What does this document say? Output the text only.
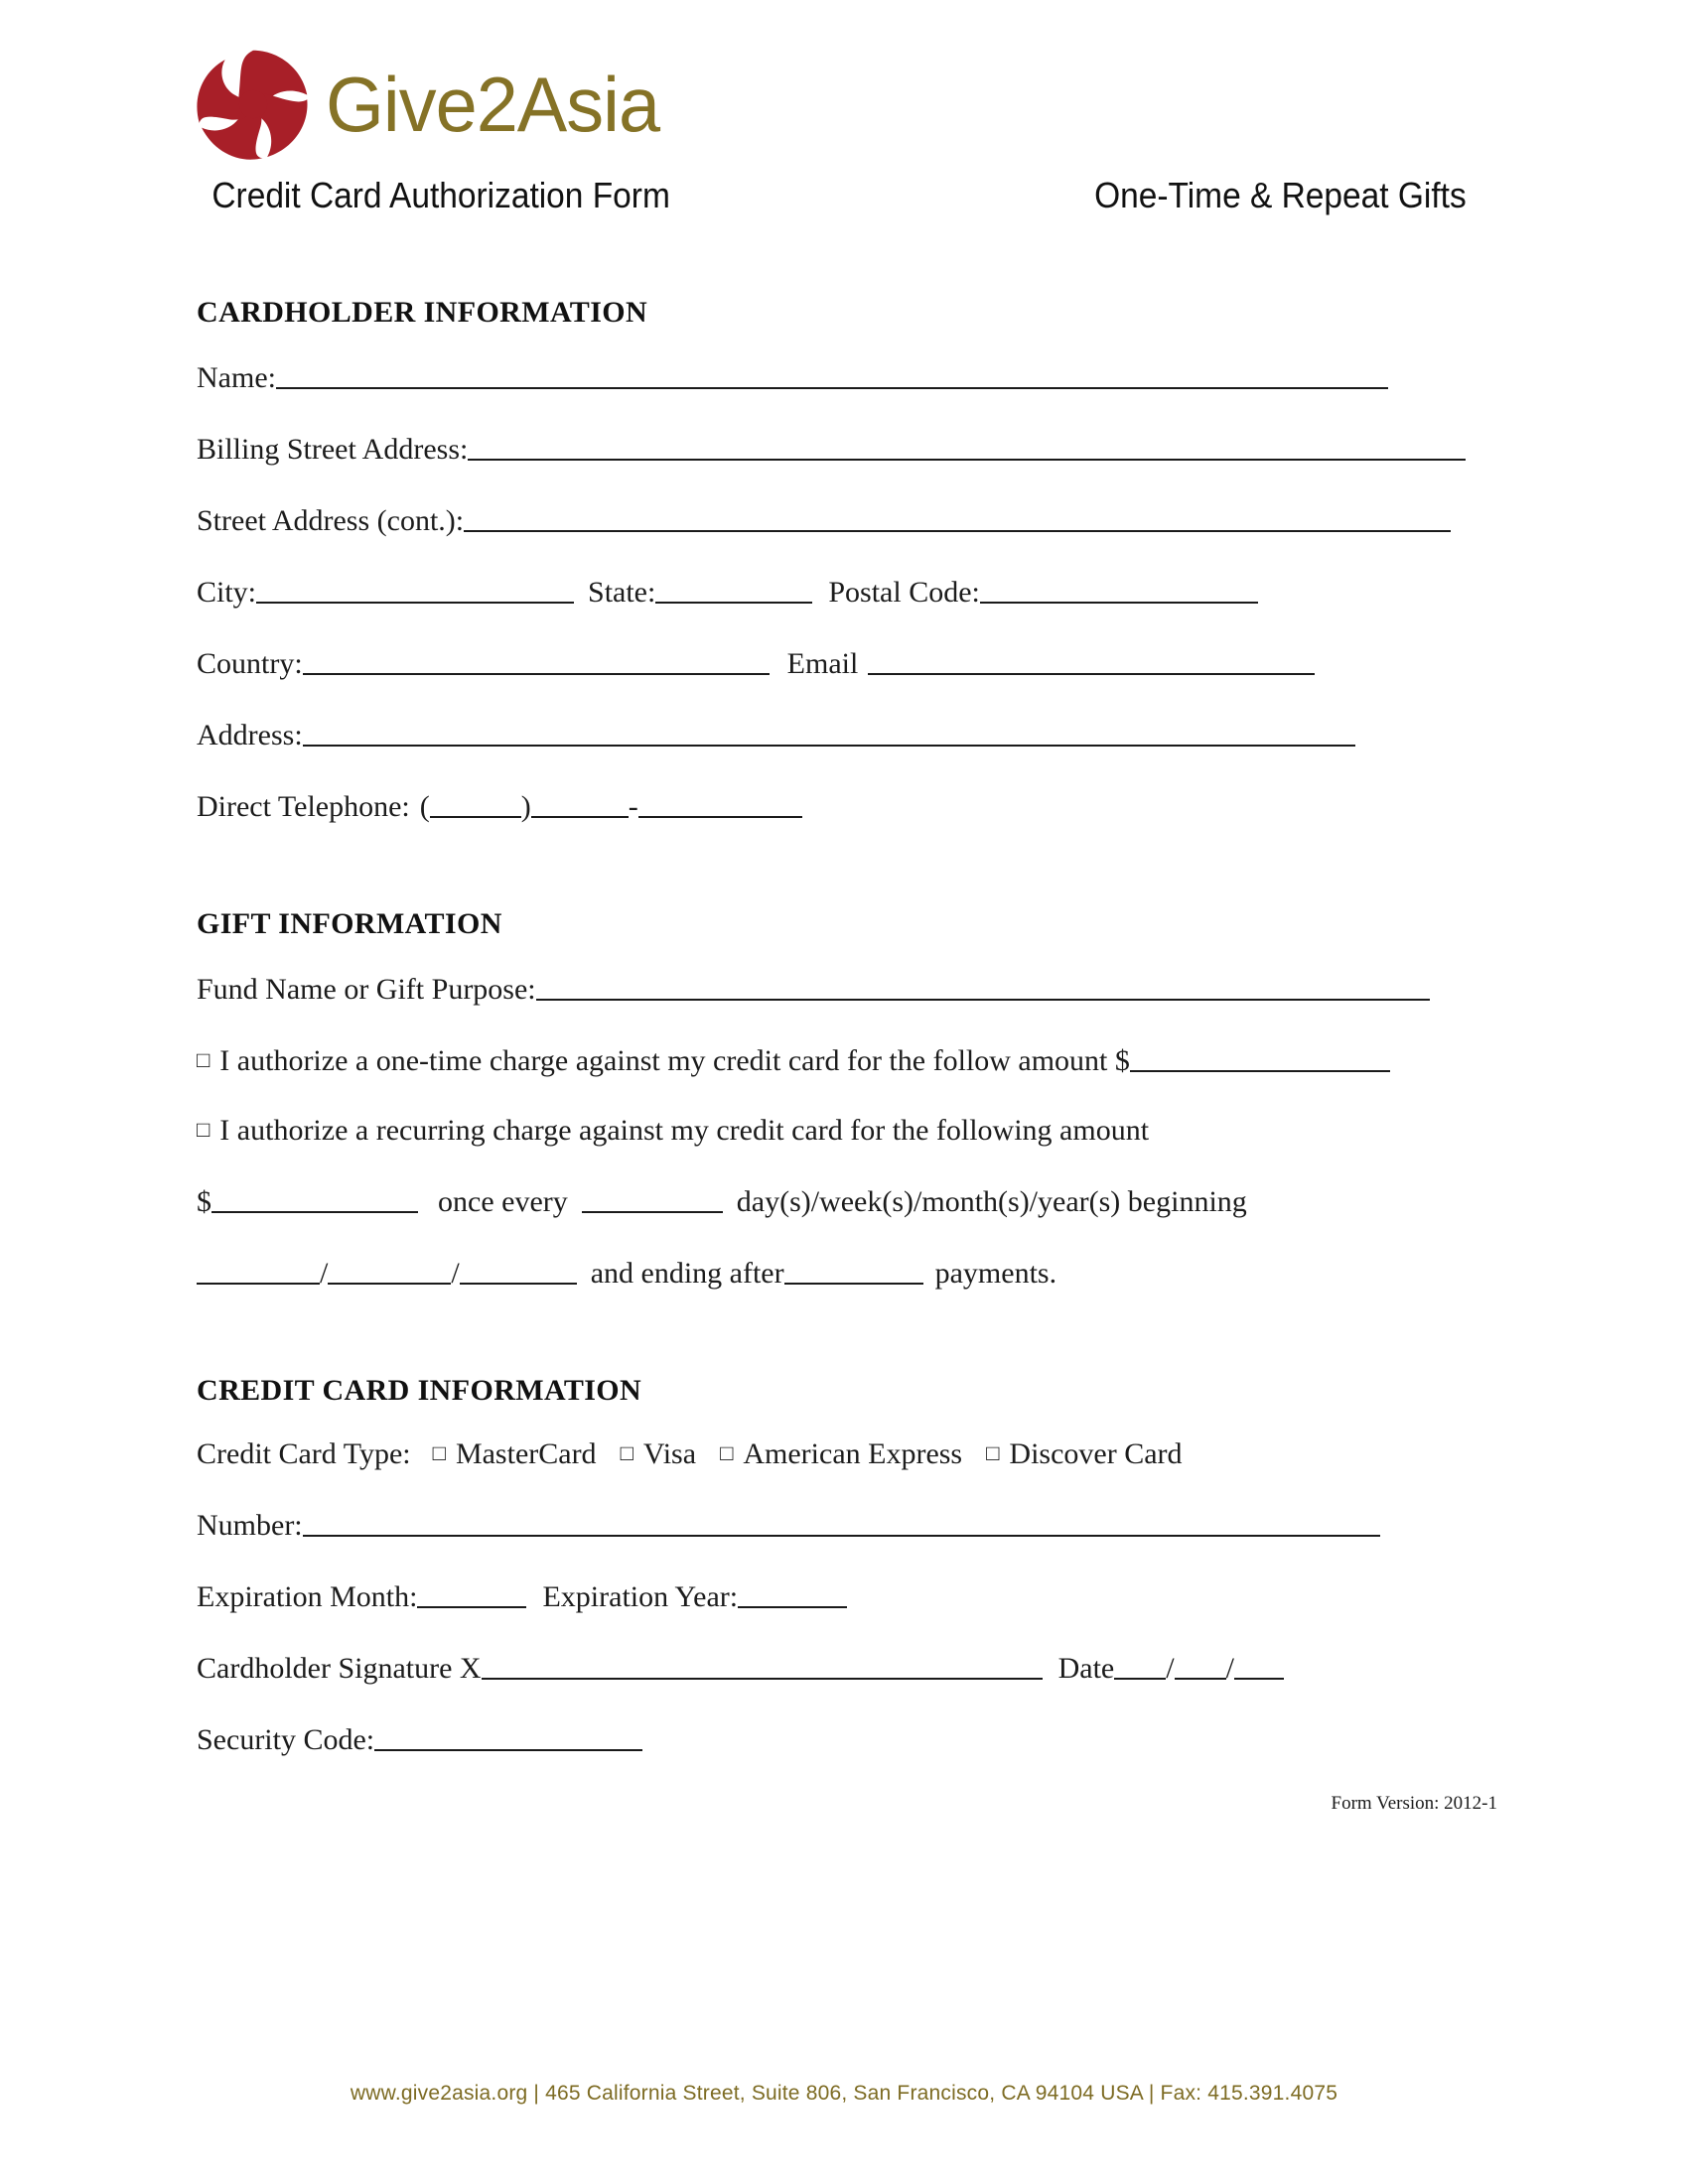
Give2Asia
Credit Card Authorization Form	One-Time & Repeat Gifts
CARDHOLDER INFORMATION
Name:
Billing Street Address:
Street Address (cont.):
City:	State:	Postal Code:
Country:	Email
Address:
Direct Telephone: (	)	-
GIFT INFORMATION
Fund Name or Gift Purpose:
□ I authorize a one-time charge against my credit card for the follow amount $
□ I authorize a recurring charge against my credit card for the following amount
$	once every	day(s)/week(s)/month(s)/year(s) beginning
/	/	and ending after	payments.
CREDIT CARD INFORMATION
Credit Card Type: □ MasterCard □ Visa □ American Express □ Discover Card
Number:
Expiration Month:	Expiration Year:
Cardholder Signature X	Date / /
Security Code:
Form Version: 2012-1
www.give2asia.org | 465 California Street, Suite 806, San Francisco, CA 94104 USA | Fax: 415.391.4075
